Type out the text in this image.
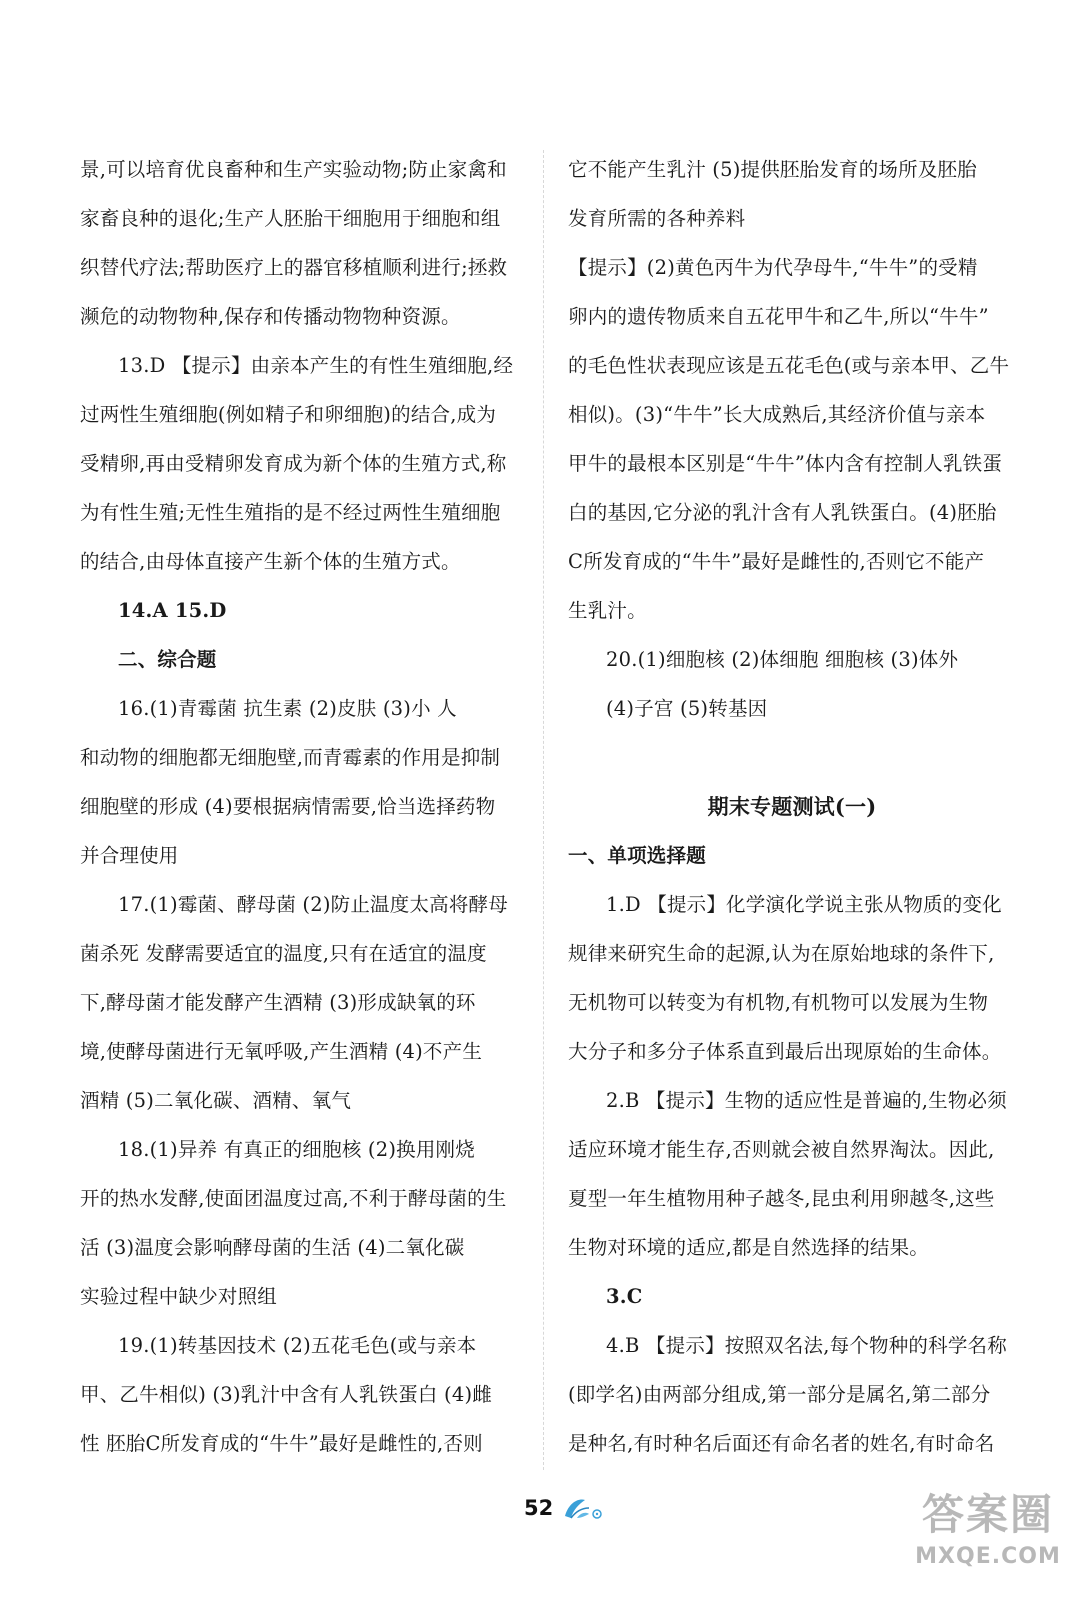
景,可以培育优良畜种和生产实验动物;防止家禽和
家畜良种的退化;生产人胚胎干细胞用于细胞和组
织替代疗法;帮助医疗上的器官移植顺利进行;拯救
濒危的动物物种,保存和传播动物物种资源。
13.D 【提示】由亲本产生的有性生殖细胞,经
过两性生殖细胞(例如精子和卵细胞)的结合,成为
受精卵,再由受精卵发育成为新个体的生殖方式,称
为有性生殖;无性生殖指的是不经过两性生殖细胞
的结合,由母体直接产生新个体的生殖方式。
14.A 15.D
二、综合题
16.(1)青霉菌 抗生素 (2)皮肤 (3)小 人
和动物的细胞都无细胞壁,而青霉素的作用是抑制
细胞壁的形成 (4)要根据病情需要,恰当选择药物
并合理使用
17.(1)霉菌、酵母菌 (2)防止温度太高将酵母
菌杀死 发酵需要适宜的温度,只有在适宜的温度
下,酵母菌才能发酵产生酒精 (3)形成缺氧的环
境,使酵母菌进行无氧呼吸,产生酒精 (4)不产生
酒精 (5)二氧化碳、酒精、氧气
18.(1)异养 有真正的细胞核 (2)换用刚烧
开的热水发酵,使面团温度过高,不利于酵母菌的生
活 (3)温度会影响酵母菌的生活 (4)二氧化碳
实验过程中缺少对照组
19.(1)转基因技术 (2)五花毛色(或与亲本
甲、乙牛相似) (3)乳汁中含有人乳铁蛋白 (4)雌
性 胚胎C所发育成的“牛牛”最好是雌性的,否则
它不能产生乳汁 (5)提供胚胎发育的场所及胚胎
发育所需的各种养料
【提示】(2)黄色丙牛为代孕母牛,“牛牛”的受精
卵内的遗传物质来自五花甲牛和乙牛,所以“牛牛”
的毛色性状表现应该是五花毛色(或与亲本甲、乙牛
相似)。(3)“牛牛”长大成熟后,其经济价值与亲本
甲牛的最根本区别是“牛牛”体内含有控制人乳铁蛋
白的基因,它分泌的乳汁含有人乳铁蛋白。(4)胚胎
C所发育成的“牛牛”最好是雌性的,否则它不能产
生乳汁。
20.(1)细胞核 (2)体细胞 细胞核 (3)体外
(4)子宫 (5)转基因
期末专题测试(一)
一、单项选择题
1.D 【提示】化学演化学说主张从物质的变化
规律来研究生命的起源,认为在原始地球的条件下,
无机物可以转变为有机物,有机物可以发展为生物
大分子和多分子体系直到最后出现原始的生命体。
2.B 【提示】生物的适应性是普遍的,生物必须
适应环境才能生存,否则就会被自然界淘汰。因此,
夏型一年生植物用种子越冬,昆虫利用卵越冬,这些
生物对环境的适应,都是自然选择的结果。
3.C
4.B 【提示】按照双名法,每个物种的科学名称
(即学名)由两部分组成,第一部分是属名,第二部分
是种名,有时种名后面还有命名者的姓名,有时命名
52	答案圈
MXQE.COM
